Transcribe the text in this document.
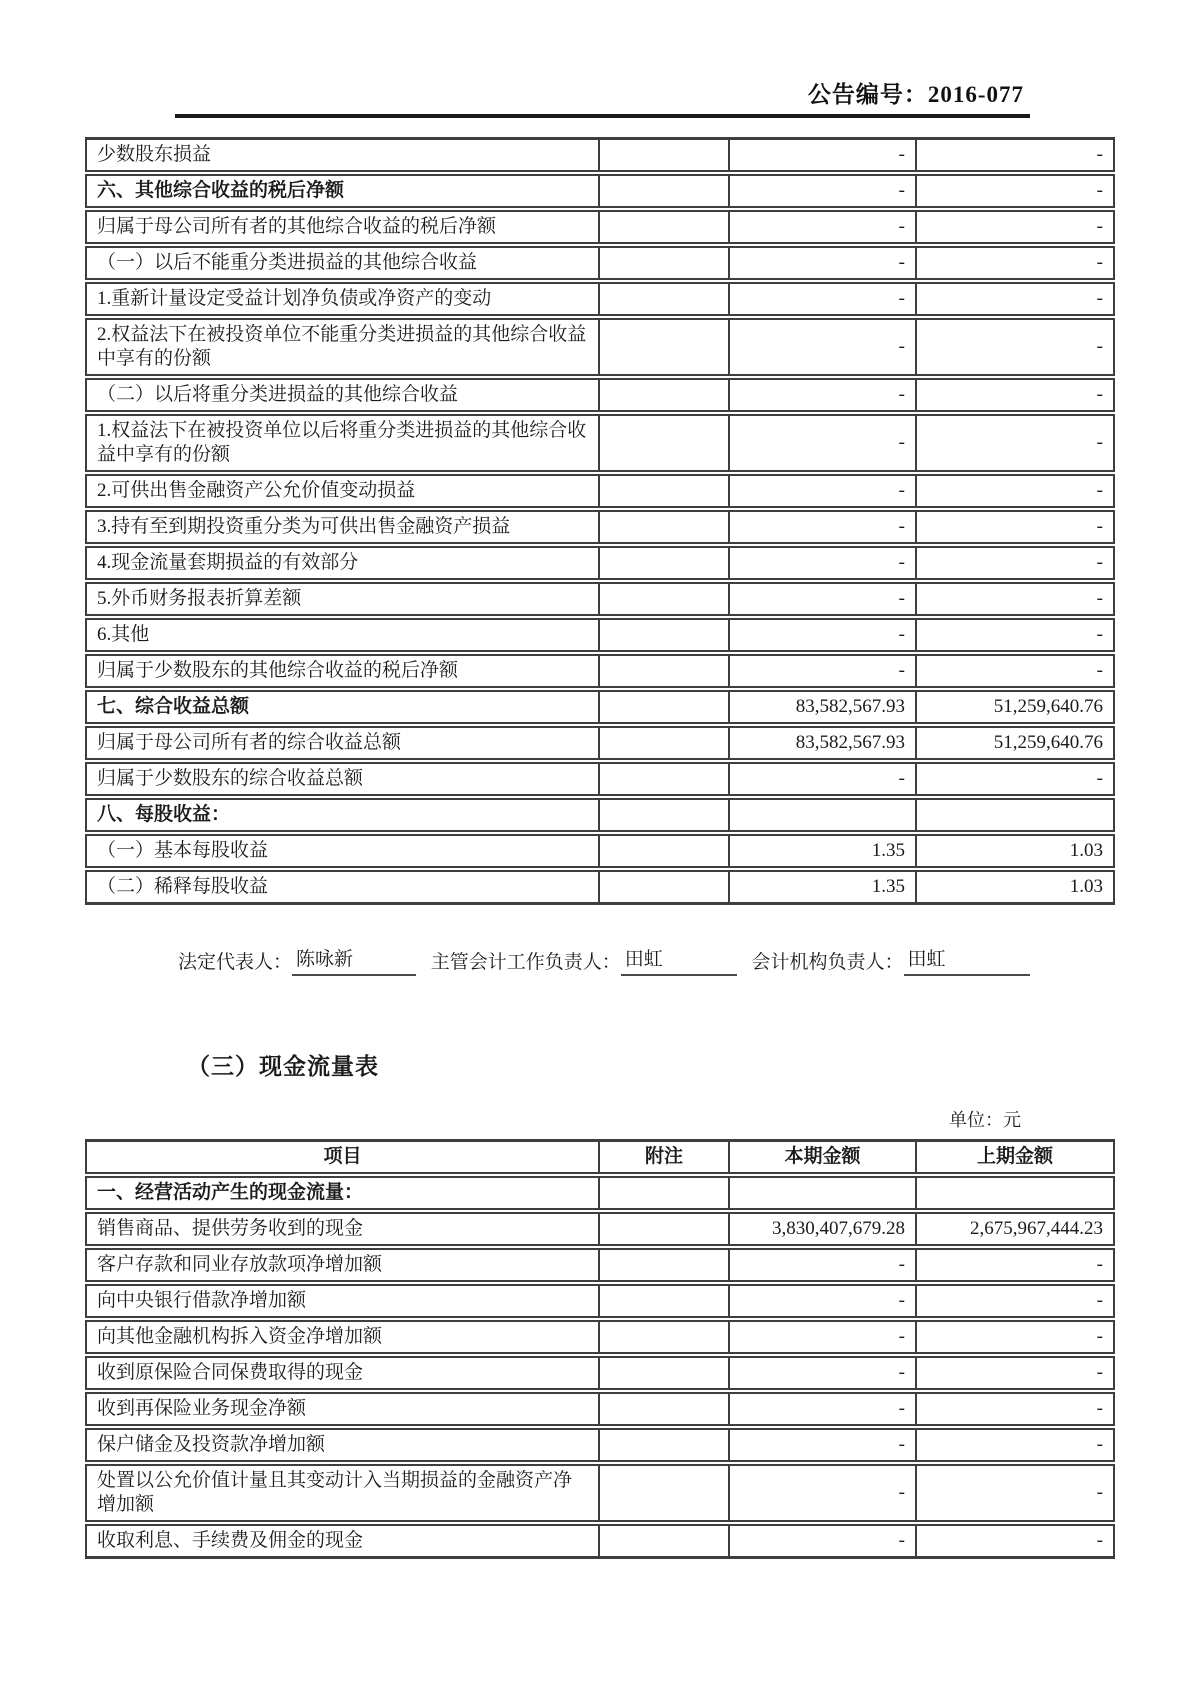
公告编号：2016-077
少数股东损益		-	-
六、其他综合收益的税后净额		-	-
归属于母公司所有者的其他综合收益的税后净额		-	-
（一）以后不能重分类进损益的其他综合收益		-	-
1.重新计量设定受益计划净负债或净资产的变动		-	-
2.权益法下在被投资单位不能重分类进损益的其他综合收益中享有的份额		-	-
（二）以后将重分类进损益的其他综合收益		-	-
1.权益法下在被投资单位以后将重分类进损益的其他综合收益中享有的份额		-	-
2.可供出售金融资产公允价值变动损益		-	-
3.持有至到期投资重分类为可供出售金融资产损益		-	-
4.现金流量套期损益的有效部分		-	-
5.外币财务报表折算差额		-	-
6.其他		-	-
归属于少数股东的其他综合收益的税后净额		-	-
七、综合收益总额		83,582,567.93	51,259,640.76
归属于母公司所有者的综合收益总额		83,582,567.93	51,259,640.76
归属于少数股东的综合收益总额		-	-
八、每股收益：			
（一）基本每股收益		1.35	1.03
（二）稀释每股收益		1.35	1.03
法定代表人： 陈咏新	主管会计工作负责人： 田虹	会计机构负责人： 田虹
（三）现金流量表
单位：元
项目	附注	本期金额	上期金额
一、经营活动产生的现金流量：			
销售商品、提供劳务收到的现金		3,830,407,679.28	2,675,967,444.23
客户存款和同业存放款项净增加额		-	-
向中央银行借款净增加额		-	-
向其他金融机构拆入资金净增加额		-	-
收到原保险合同保费取得的现金		-	-
收到再保险业务现金净额		-	-
保户储金及投资款净增加额		-	-
处置以公允价值计量且其变动计入当期损益的金融资产净增加额		-	-
收取利息、手续费及佣金的现金		-	-
